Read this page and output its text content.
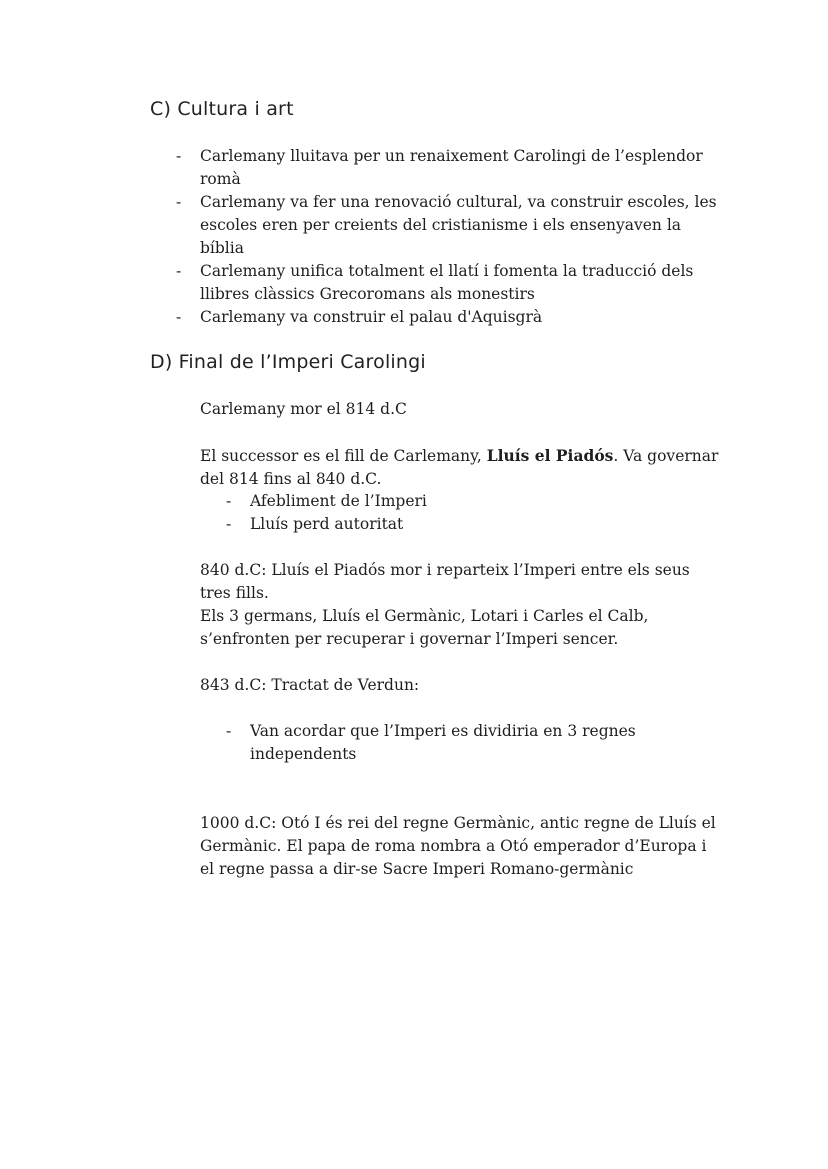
C) Cultura i art
- Carlemany lluitava per un renaixement Carolingi de l’esplendor romà
- Carlemany va fer una renovació cultural, va construir escoles, les escoles eren per creients del cristianisme i els ensenyaven la bíblia
- Carlemany unifica totalment el llatí i fomenta la traducció dels llibres clàssics Grecoromans als monestirs
- Carlemany va construir el palau d'Aquisgrà
D) Final de l’Imperi Carolingi

Carlemany mor el 814 d.C

El successor es el fill de Carlemany, Lluís el Piadós. Va governar del 814 fins al 840 d.C.

- Afebliment de l’Imperi
- Lluís perd autoritat

840 d.C: Lluís el Piadós mor i reparteix l’Imperi entre els seus tres fills.

Els 3 germans, Lluís el Germànic, Lotari i Carles el Calb, s’enfronten per recuperar i governar l’Imperi sencer.

843 d.C: Tractat de Verdun:

- Van acordar que l’Imperi es dividiria en 3 regnes independents

1000 d.C: Otó I és rei del regne Germànic, antic regne de Lluís el Germànic. El papa de roma nombra a Otó emperador d’Europa i el regne passa a dir-se Sacre Imperi Romano-germànic
